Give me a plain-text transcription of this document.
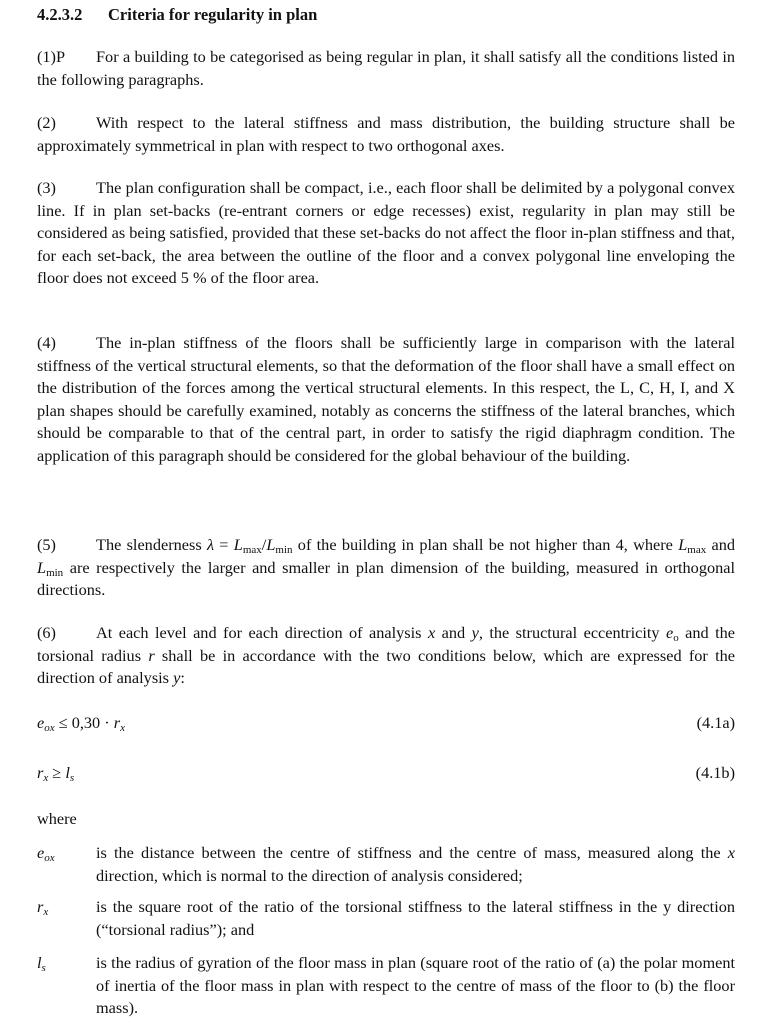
4.2.3.2 Criteria for regularity in plan
(1)P For a building to be categorised as being regular in plan, it shall satisfy all the conditions listed in the following paragraphs.
(2) With respect to the lateral stiffness and mass distribution, the building structure shall be approximately symmetrical in plan with respect to two orthogonal axes.
(3) The plan configuration shall be compact, i.e., each floor shall be delimited by a polygonal convex line. If in plan set-backs (re-entrant corners or edge recesses) exist, regularity in plan may still be considered as being satisfied, provided that these set-backs do not affect the floor in-plan stiffness and that, for each set-back, the area between the outline of the floor and a convex polygonal line enveloping the floor does not exceed 5 % of the floor area.
(4) The in-plan stiffness of the floors shall be sufficiently large in comparison with the lateral stiffness of the vertical structural elements, so that the deformation of the floor shall have a small effect on the distribution of the forces among the vertical structural elements. In this respect, the L, C, H, I, and X plan shapes should be carefully examined, notably as concerns the stiffness of the lateral branches, which should be comparable to that of the central part, in order to satisfy the rigid diaphragm condition. The application of this paragraph should be considered for the global behaviour of the building.
(5) The slenderness $\lambda = L_{max}/L_{min}$ of the building in plan shall be not higher than 4, where $L_{max}$ and $L_{min}$ are respectively the larger and smaller in plan dimension of the building, measured in orthogonal directions.
(6) At each level and for each direction of analysis x and y, the structural eccentricity $e_o$ and the torsional radius r shall be in accordance with the two conditions below, which are expressed for the direction of analysis y:
$e_{ox} \le 0,30 \cdot r_x$	(4.1a)
$r_x \ge l_s$	(4.1b)
where
$e_{ox}$	is the distance between the centre of stiffness and the centre of mass, measured along the x direction, which is normal to the direction of analysis considered;
$r_x$	is the square root of the ratio of the torsional stiffness to the lateral stiffness in the y direction (“torsional radius”); and
$l_s$	is the radius of gyration of the floor mass in plan (square root of the ratio of (a) the polar moment of inertia of the floor mass in plan with respect to the centre of mass of the floor to (b) the floor mass).
